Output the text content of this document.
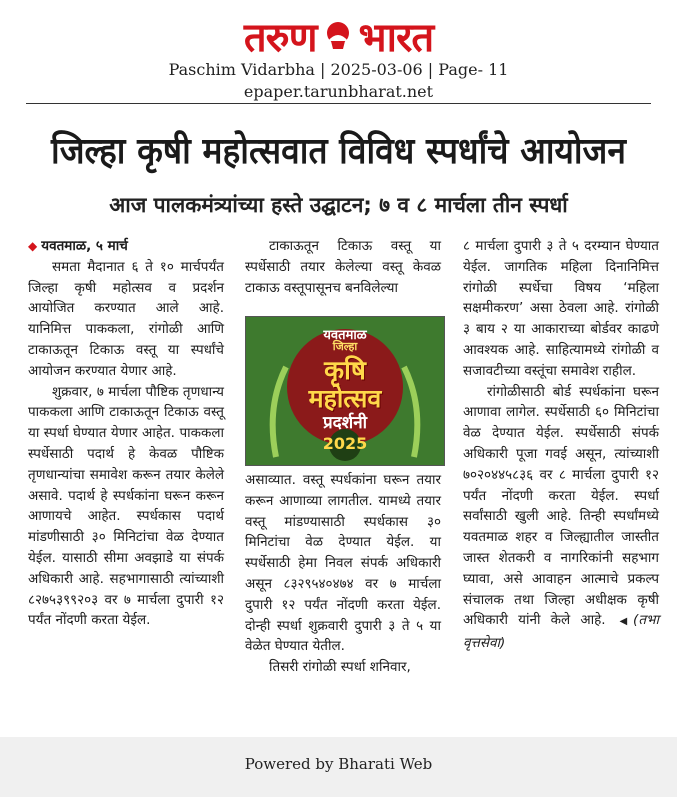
तरुण भारत
Paschim Vidarbha | 2025-03-06 | Page- 11
epaper.tarunbharat.net
जिल्हा कृषी महोत्सवात विविध स्पर्धांचे आयोजन
आज पालकमंत्र्यांच्या हस्ते उद्घाटन; ७ व ८ मार्चला तीन स्पर्धा

◆ यवतमाळ, ५ मार्च

समता मैदानात ६ ते १० मार्चपर्यंत जिल्हा कृषी महोत्सव व प्रदर्शन आयोजित करण्यात आले आहे. यानिमित्त पाककला, रांगोळी आणि टाकाऊतून टिकाऊ वस्तू या स्पर्धांचे आयोजन करण्यात येणार आहे.

शुक्रवार, ७ मार्चला पौष्टिक तृणधान्य पाककला आणि टाकाऊतून टिकाऊ वस्तू या स्पर्धा घेण्यात येणार आहेत. पाककला स्पर्धेसाठी पदार्थ हे केवळ पौष्टिक तृणधान्यांचा समावेश करून तयार केलेले असावे. पदार्थ हे स्पर्धकांना घरून करून आणायचे आहेत. स्पर्धकास पदार्थ मांडणीसाठी ३० मिनिटांचा वेळ देण्यात येईल. यासाठी सीमा अवझाडे या संपर्क अधिकारी आहे. सहभागासाठी त्यांच्याशी ८२७५३९९२०३ वर ७ मार्चला दुपारी १२ पर्यंत नोंदणी करता येईल.

टाकाऊतून टिकाऊ वस्तू या स्पर्धेसाठी तयार केलेल्या वस्तू केवळ टाकाऊ वस्तूपासूनच बनविलेल्या

यवतमाळ
जिल्हा
कृषि
महोत्सव
प्रदर्शनी
2025

असाव्यात. वस्तू स्पर्धकांना घरून तयार करून आणाव्या लागतील. यामध्ये तयार वस्तू मांडण्यासाठी स्पर्धकास ३० मिनिटांचा वेळ देण्यात येईल. या स्पर्धेसाठी हेमा निवल संपर्क अधिकारी असून ८३२९५४०४७४ वर ७ मार्चला दुपारी १२ पर्यंत नोंदणी करता येईल. दोन्ही स्पर्धा शुक्रवारी दुपारी ३ ते ५ या वेळेत घेण्यात येतील.

तिसरी रांगोळी स्पर्धा शनिवार,

८ मार्चला दुपारी ३ ते ५ दरम्यान घेण्यात येईल. जागतिक महिला दिनानिमित्त रांगोळी स्पर्धेचा विषय ‘महिला सक्षमीकरण’ असा ठेवला आहे. रांगोळी ३ बाय २ या आकाराच्या बोर्डवर काढणे आवश्यक आहे. साहित्यामध्ये रांगोळी व सजावटीच्या वस्तूंचा समावेश राहील.

रांगोळीसाठी बोर्ड स्पर्धकांना घरून आणावा लागेल. स्पर्धेसाठी ६० मिनिटांचा वेळ देण्यात येईल. स्पर्धेसाठी संपर्क अधिकारी पूजा गवई असून, त्यांच्याशी ७०२०४४५८३६ वर ८ मार्चला दुपारी १२ पर्यंत नोंदणी करता येईल. स्पर्धा सर्वांसाठी खुली आहे. तिन्ही स्पर्धांमध्ये यवतमाळ शहर व जिल्ह्यातील जास्तीत जास्त शेतकरी व नागरिकांनी सहभाग घ्यावा, असे आवाहन आत्माचे प्रकल्प संचालक तथा जिल्हा अधीक्षक कृषी अधिकारी यांनी केले आहे. ◀(तभा वृत्तसेवा)

Powered by Bharati Web
